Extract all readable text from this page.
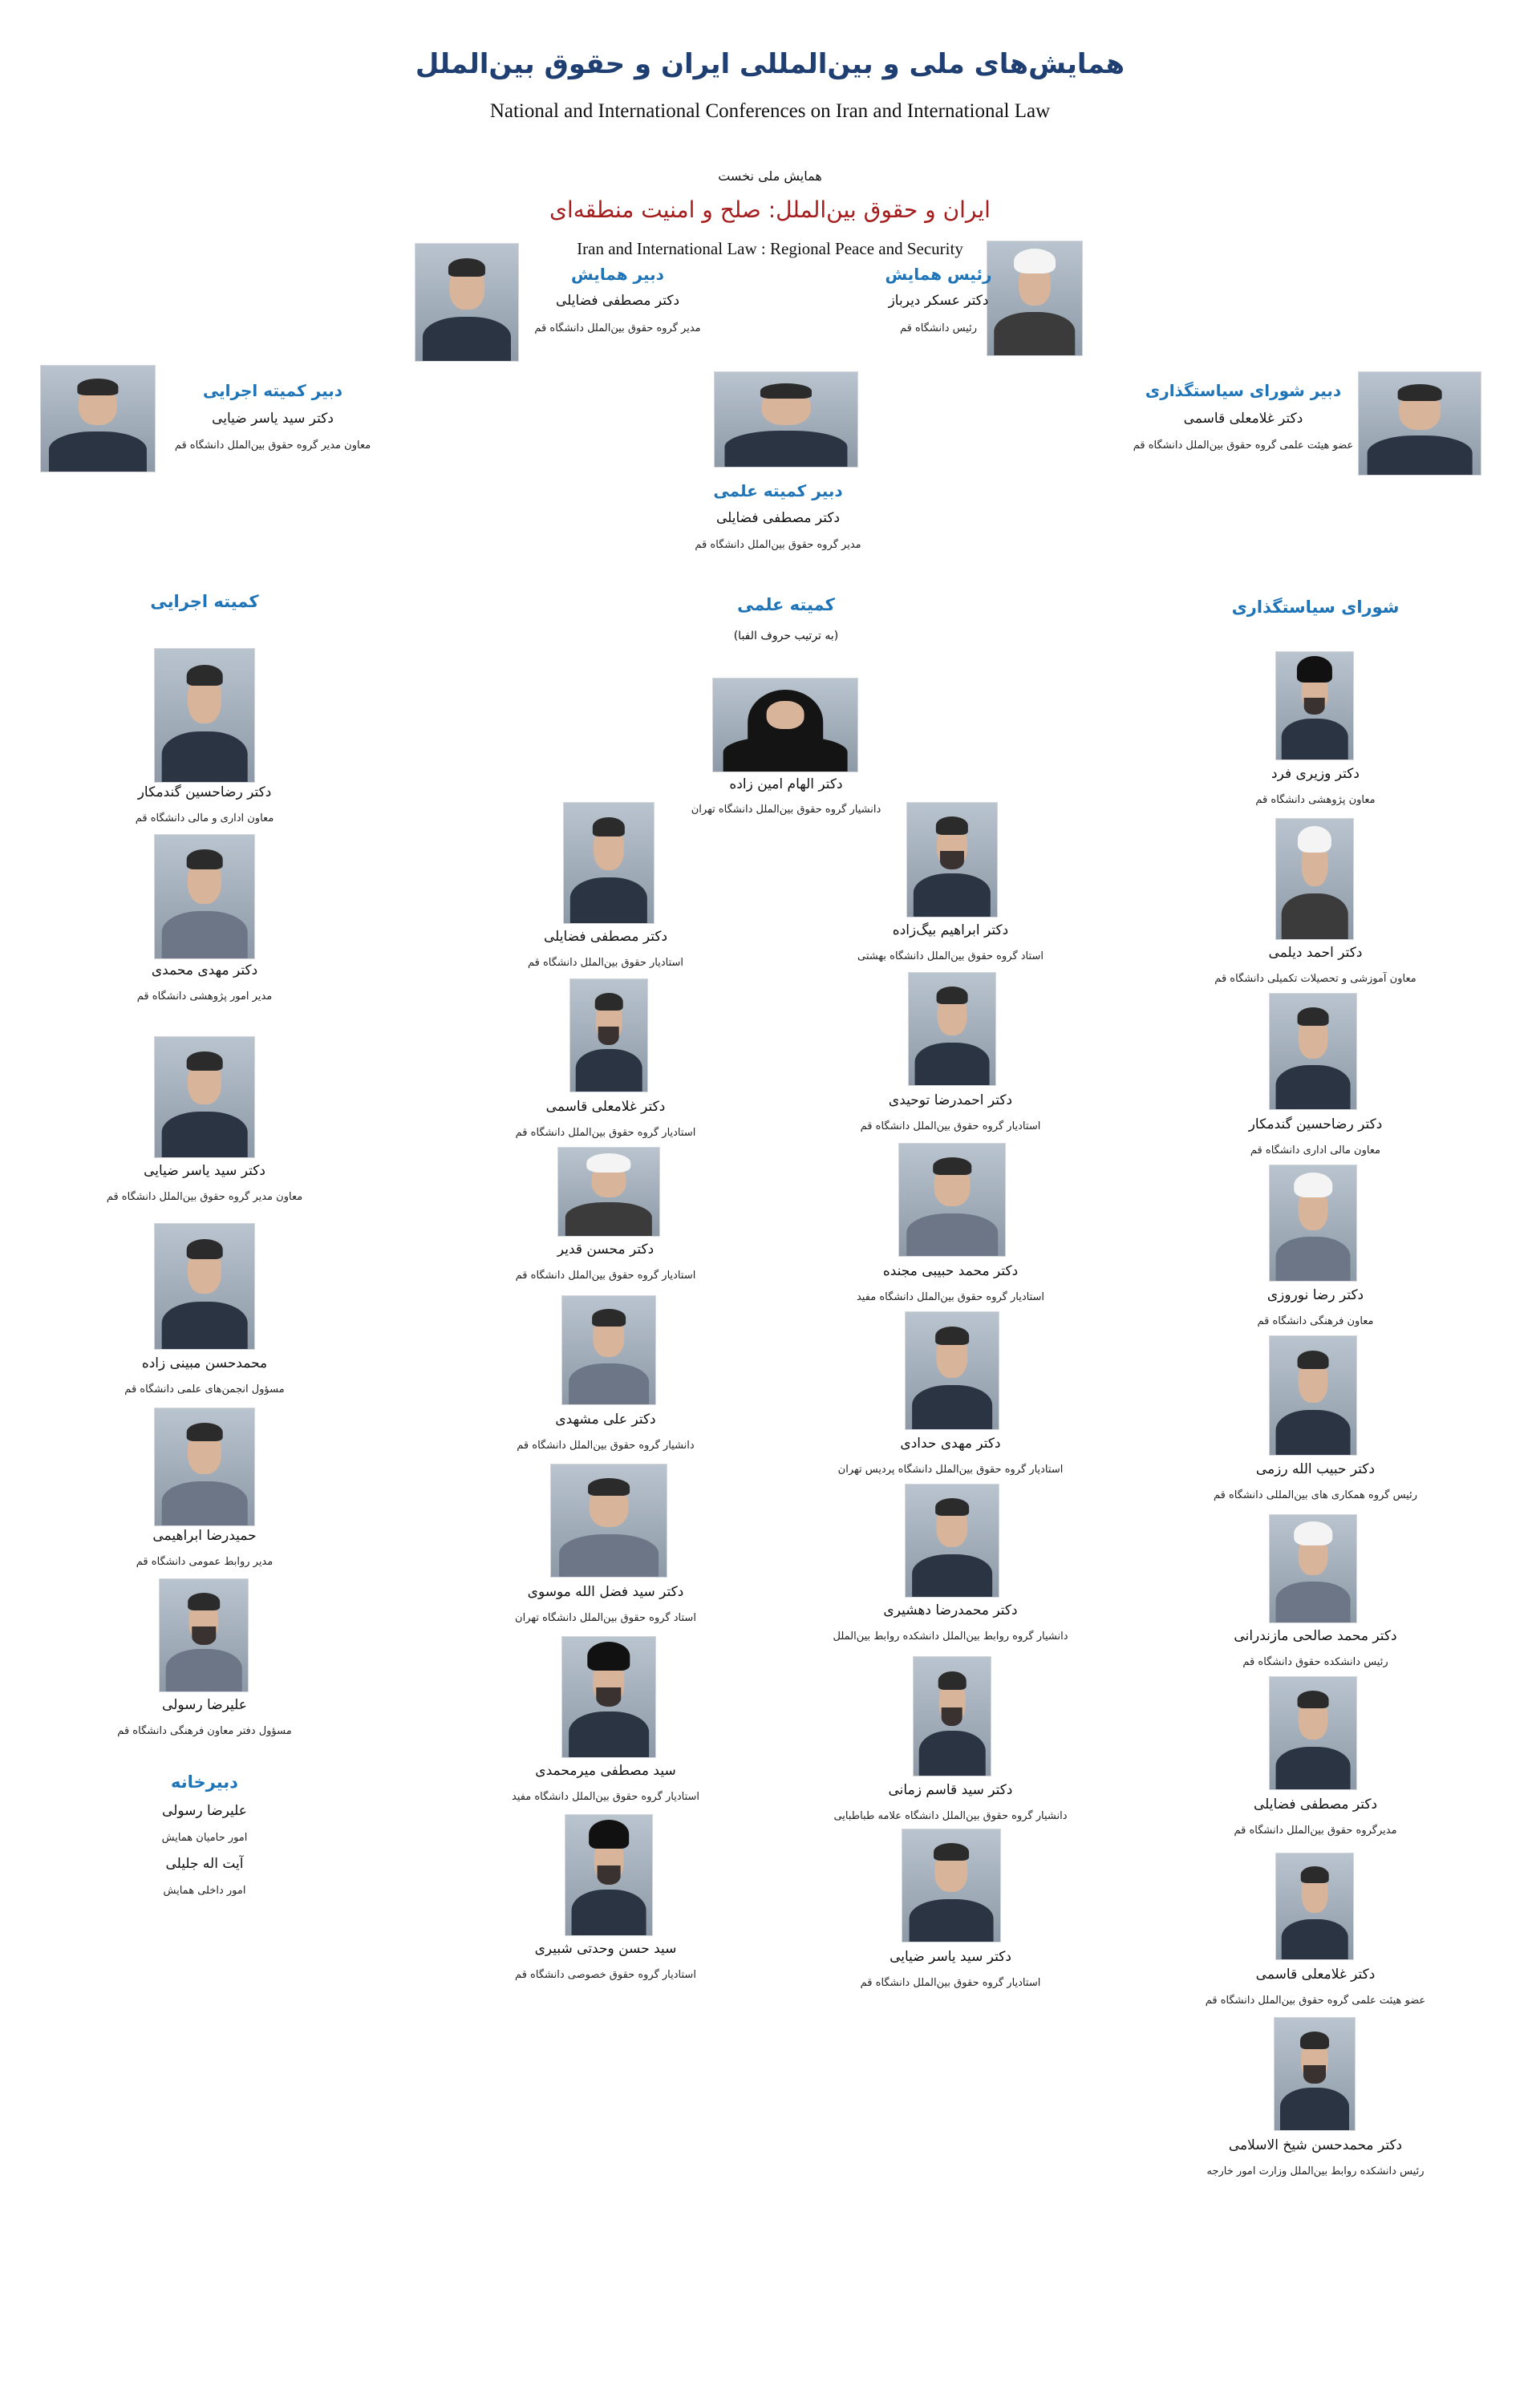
همایش‌های ملی و بین‌المللی ایران و حقوق بین‌الملل
National and International Conferences on Iran and International Law
همایش ملی نخست
ایران و حقوق بین‌الملل: صلح و امنیت منطقه‌ای
Iran and International Law : Regional Peace and Security
رئیس همایش
دکتر عسکر دیرباز
رئیس دانشگاه قم
دبیر همایش
دکتر مصطفی فضایلی
مدیر گروه حقوق بین‌الملل دانشگاه قم
دبیر شورای سیاستگذاری
دکتر غلامعلی قاسمی
عضو هیئت علمی گروه حقوق بین‌الملل دانشگاه قم
دبیر کمیته اجرایی
دکتر سید یاسر ضیایی
معاون مدیر گروه حقوق بین‌الملل دانشگاه قم
دبیر کمیته علمی
دکتر مصطفی فضایلی
مدیر گروه حقوق بین‌الملل دانشگاه قم
شورای سیاستگذاری
کمیته علمی
(به ترتیب حروف الفبا)
کمیته اجرایی
دکتر الهام امین زاده
دانشیار گروه حقوق بین‌الملل دانشگاه تهران
دکتر وزیری فرد
معاون پژوهشی دانشگاه قم
دکتر احمد دیلمی
معاون آموزشی و تحصیلات تکمیلی دانشگاه قم
دکتر رضاحسین گندمکار
معاون مالی اداری دانشگاه قم
دکتر رضا نوروزی
معاون فرهنگی دانشگاه قم
دکتر حبیب الله رزمی
رئیس گروه همکاری های بین‌المللی دانشگاه قم
دکتر محمد صالحی مازندرانی
رئیس دانشکده حقوق دانشگاه قم
دکتر مصطفی فضایلی
مدیرگروه حقوق بین‌الملل دانشگاه قم
دکتر غلامعلی قاسمی
عضو هیئت علمی گروه حقوق بین‌الملل دانشگاه قم
دکتر محمدحسن شیخ الاسلامی
رئیس دانشکده روابط بین‌الملل وزارت امور خارجه
دکتر ابراهیم بیگ‌زاده
استاد گروه حقوق بین‌الملل دانشگاه بهشتی
دکتر احمدرضا توحیدی
استادیار گروه حقوق بین‌الملل دانشگاه قم
دکتر محمد حبیبی مجنده
استادیار گروه حقوق بین‌الملل دانشگاه مفید
دکتر مهدی حدادی
استادیار گروه حقوق بین‌الملل دانشگاه پردیس تهران
دکتر محمدرضا دهشیری
دانشیار گروه روابط بین‌الملل دانشکده روابط بین‌الملل
دکتر سید قاسم زمانی
دانشیار گروه حقوق بین‌الملل دانشگاه علامه طباطبایی
دکتر سید یاسر ضیایی
استادیار گروه حقوق بین‌الملل دانشگاه قم
دکتر مصطفی فضایلی
استادیار حقوق بین‌الملل دانشگاه قم
دکتر غلامعلی قاسمی
استادیار گروه حقوق بین‌الملل دانشگاه قم
دکتر محسن قدیر
استادیار گروه حقوق بین‌الملل دانشگاه قم
دکتر علی مشهدی
دانشیار گروه حقوق بین‌الملل دانشگاه قم
دکتر سید فضل الله موسوی
استاد گروه حقوق بین‌الملل دانشگاه تهران
سید مصطفی میرمحمدی
استادیار گروه حقوق بین‌الملل دانشگاه مفید
سید حسن وحدتی شبیری
استادیار گروه حقوق خصوصی دانشگاه قم
دکتر رضاحسین گندمکار
معاون اداری و مالی دانشگاه قم
دکتر مهدی محمدی
مدیر امور پژوهشی دانشگاه قم
دکتر سید یاسر ضیایی
معاون مدیر گروه حقوق بین‌الملل دانشگاه قم
محمدحسن مبینی زاده
مسؤول انجمن‌های علمی دانشگاه قم
حمیدرضا ابراهیمی
مدیر روابط عمومی دانشگاه قم
علیرضا رسولی
مسؤول دفتر معاون فرهنگی دانشگاه قم
دبیرخانه
علیرضا رسولی
امور حامیان همایش
آیت اله جلیلی
امور داخلی همایش
